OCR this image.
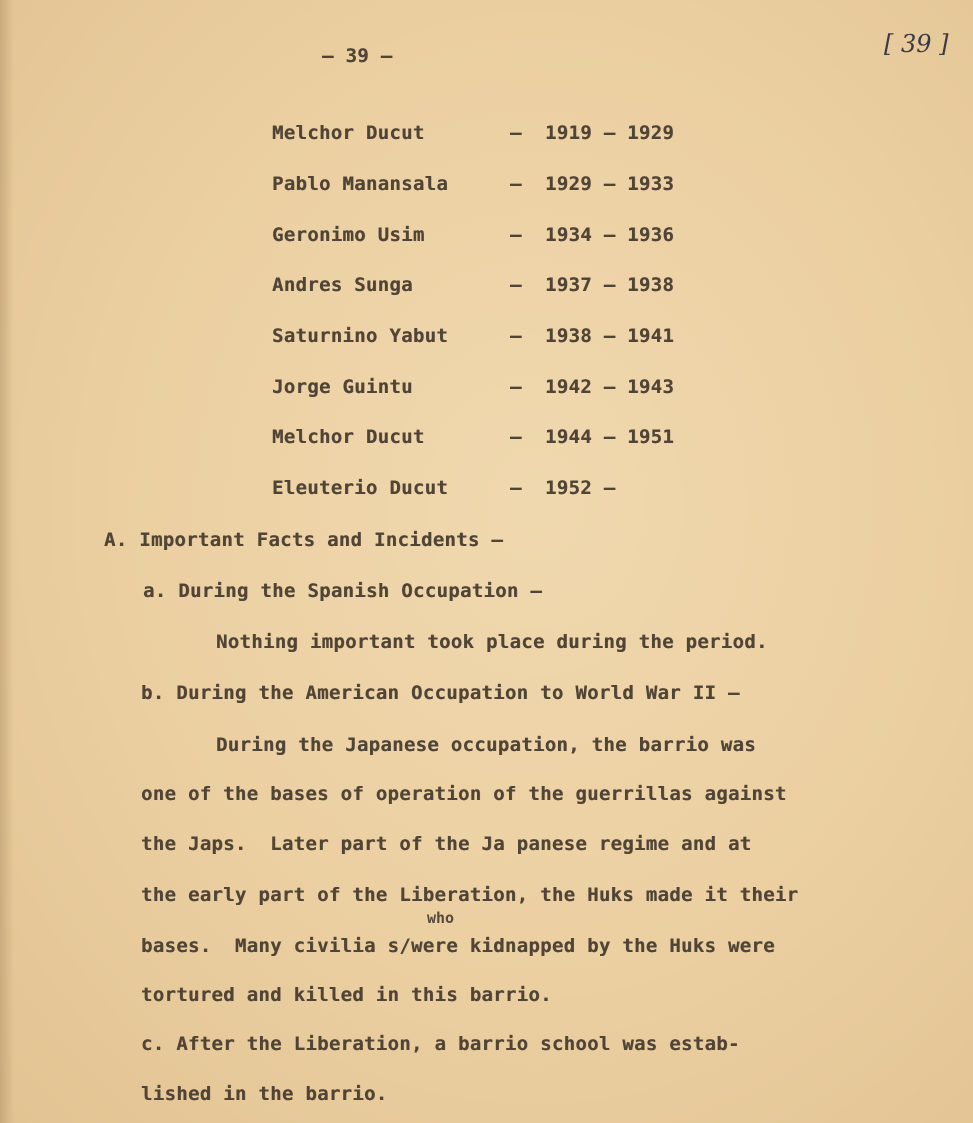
— 39 —	[ 39 ]
Melchor Ducut	— 1919 — 1929
Pablo Manansala	— 1929 — 1933
Geronimo Usim	— 1934 — 1936
Andres Sunga	— 1937 — 1938
Saturnino Yabut	— 1938 — 1941
Jorge Guintu	— 1942 — 1943
Melchor Ducut	— 1944 — 1951
Eleuterio Ducut	— 1952 —
A. Important Facts and Incidents —
a. During the Spanish Occupation —
Nothing important took place during the period.
b. During the American Occupation to World War II —
During the Japanese occupation, the barrio was
one of the bases of operation of the guerrillas against
the Japs.  Later part of the Ja panese regime and at
the early part of the Liberation, the Huks made it their
who
bases.  Many civilia s/were kidnapped by the Huks were
tortured and killed in this barrio.
c. After the Liberation, a barrio school was estab-
lished in the barrio.
